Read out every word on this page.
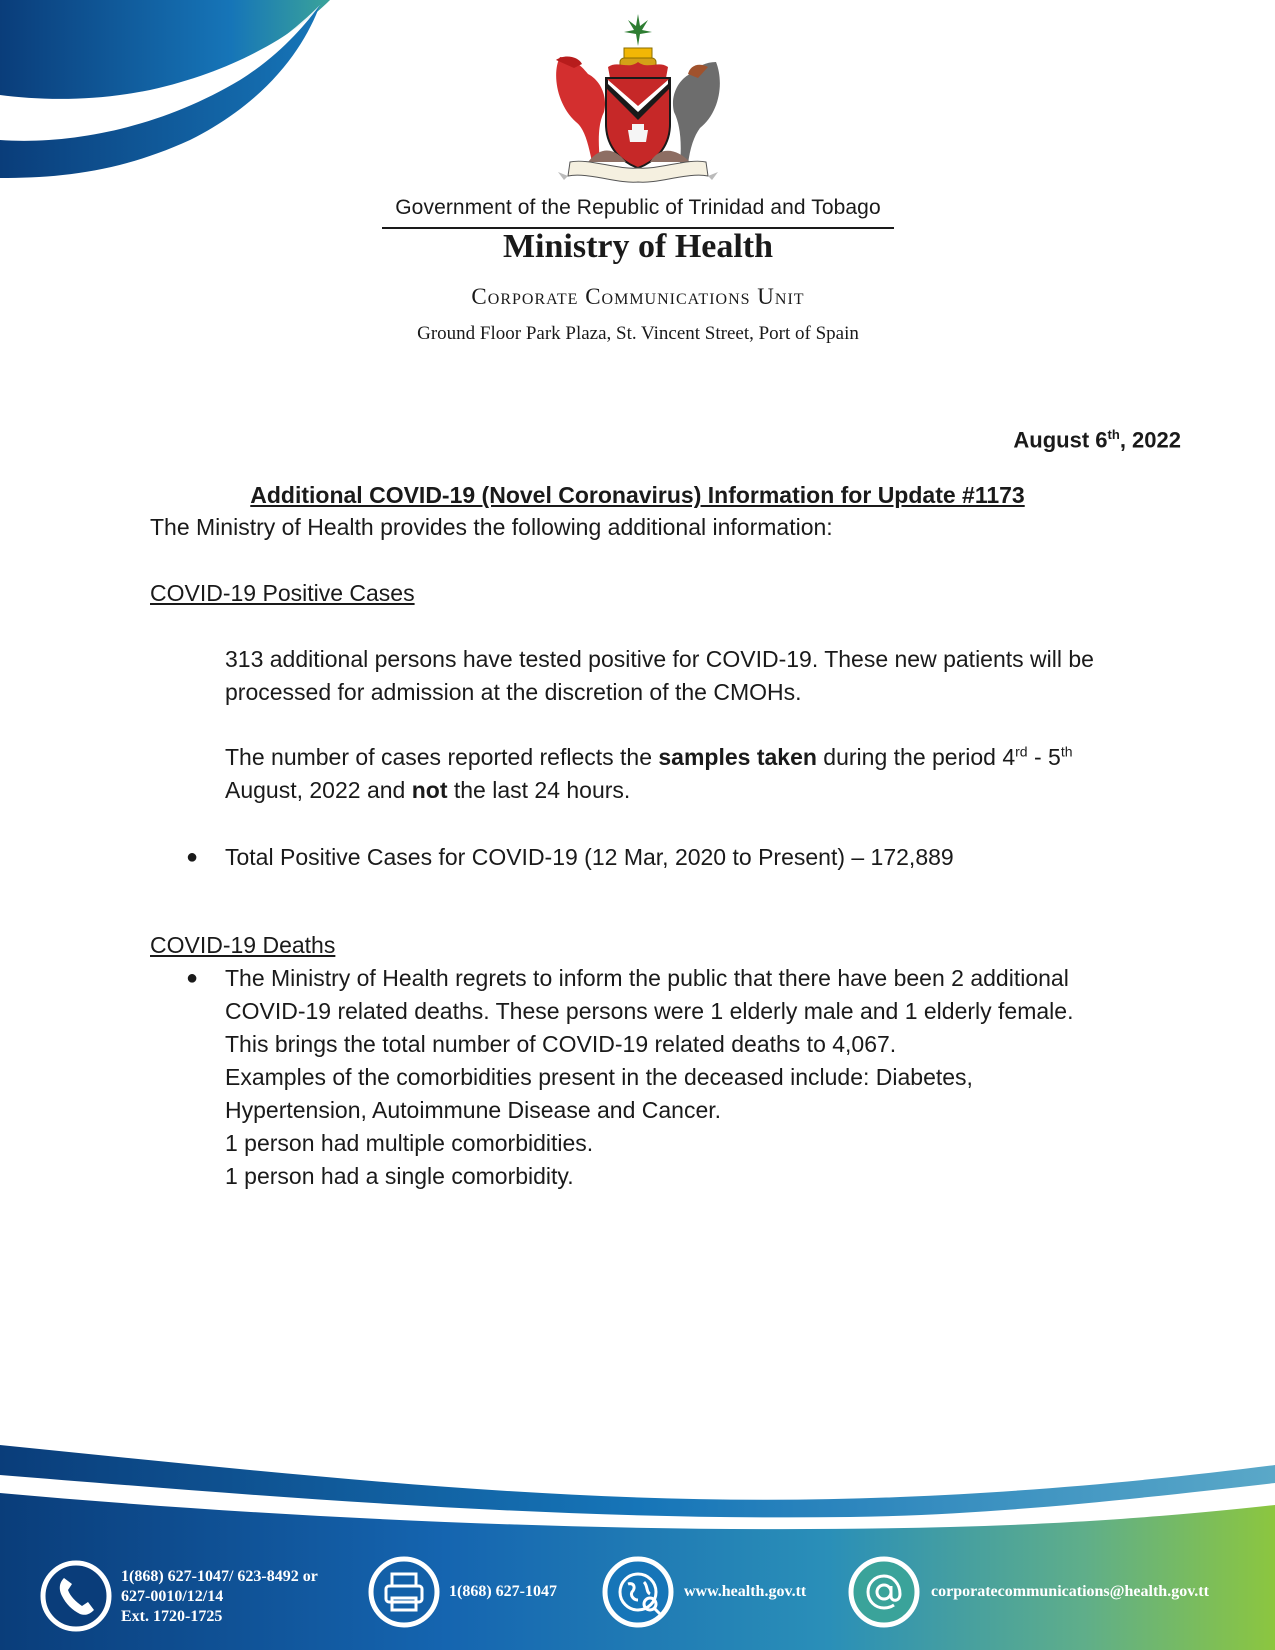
Government of the Republic of Trinidad and Tobago
Ministry of Health
Corporate Communications Unit
Ground Floor Park Plaza, St. Vincent Street, Port of Spain
August 6th, 2022
Additional COVID-19 (Novel Coronavirus) Information for Update #1173
The Ministry of Health provides the following additional information:
COVID-19 Positive Cases
313 additional persons have tested positive for COVID-19. These new patients will be processed for admission at the discretion of the CMOHs.
The number of cases reported reflects the samples taken during the period 4rd - 5th
August, 2022 and not the last 24 hours.
● Total Positive Cases for COVID-19 (12 Mar, 2020 to Present) – 172,889
COVID-19 Deaths
● The Ministry of Health regrets to inform the public that there have been 2 additional
COVID-19 related deaths. These persons were 1 elderly male and 1 elderly female.
This brings the total number of COVID-19 related deaths to 4,067.
Examples of the comorbidities present in the deceased include: Diabetes,
Hypertension, Autoimmune Disease and Cancer.
1 person had multiple comorbidities.
1 person had a single comorbidity.
1(868) 627-1047/ 623-8492 or
627-0010/12/14
Ext. 1720-1725
1(868) 627-1047	www.health.gov.tt	corporatecommunications@health.gov.tt
